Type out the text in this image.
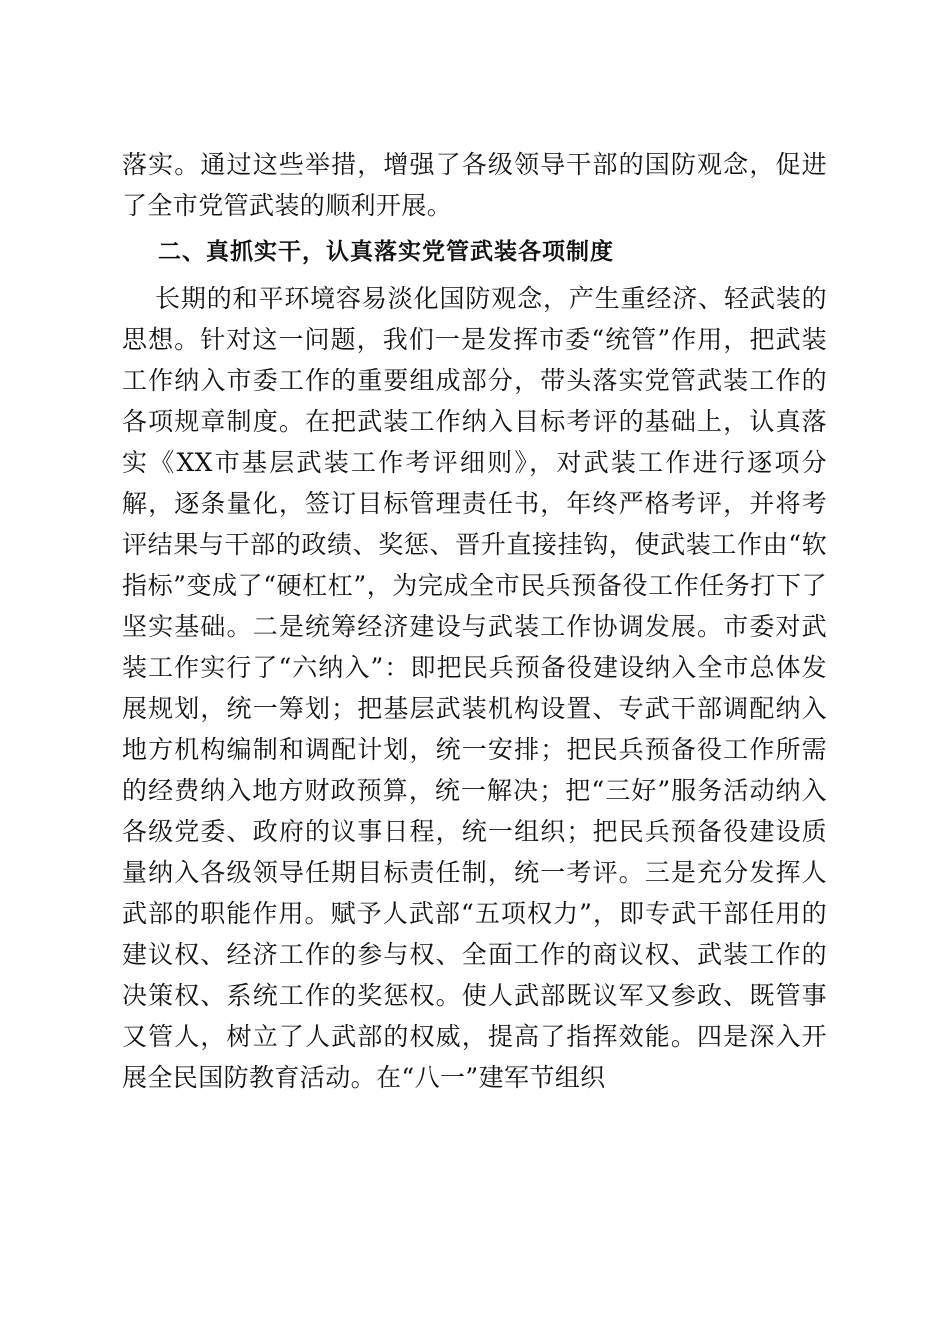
落实。通过这些举措，增强了各级领导干部的国防观念，促进了全市党管武装的顺利开展。
二、真抓实干，认真落实党管武装各项制度
长期的和平环境容易淡化国防观念，产生重经济、轻武装的思想。针对这一问题，我们一是发挥市委“统管”作用，把武装工作纳入市委工作的重要组成部分，带头落实党管武装工作的各项规章制度。在把武装工作纳入目标考评的基础上，认真落实《XX市基层武装工作考评细则》，对武装工作进行逐项分解，逐条量化，签订目标管理责任书，年终严格考评，并将考评结果与干部的政绩、奖惩、晋升直接挂钩，使武装工作由“软指标”变成了“硬杠杠”，为完成全市民兵预备役工作任务打下了坚实基础。二是统筹经济建设与武装工作协调发展。市委对武装工作实行了“六纳入”：即把民兵预备役建设纳入全市总体发展规划，统一筹划；把基层武装机构设置、专武干部调配纳入地方机构编制和调配计划，统一安排；把民兵预备役工作所需的经费纳入地方财政预算，统一解决；把“三好”服务活动纳入各级党委、政府的议事日程，统一组织；把民兵预备役建设质量纳入各级领导任期目标责任制，统一考评。三是充分发挥人武部的职能作用。赋予人武部“五项权力”，即专武干部任用的建议权、经济工作的参与权、全面工作的商议权、武装工作的决策权、系统工作的奖惩权。使人武部既议军又参政、既管事又管人，树立了人武部的权威，提高了指挥效能。四是深入开展全民国防教育活动。在“八一”建军节组织
